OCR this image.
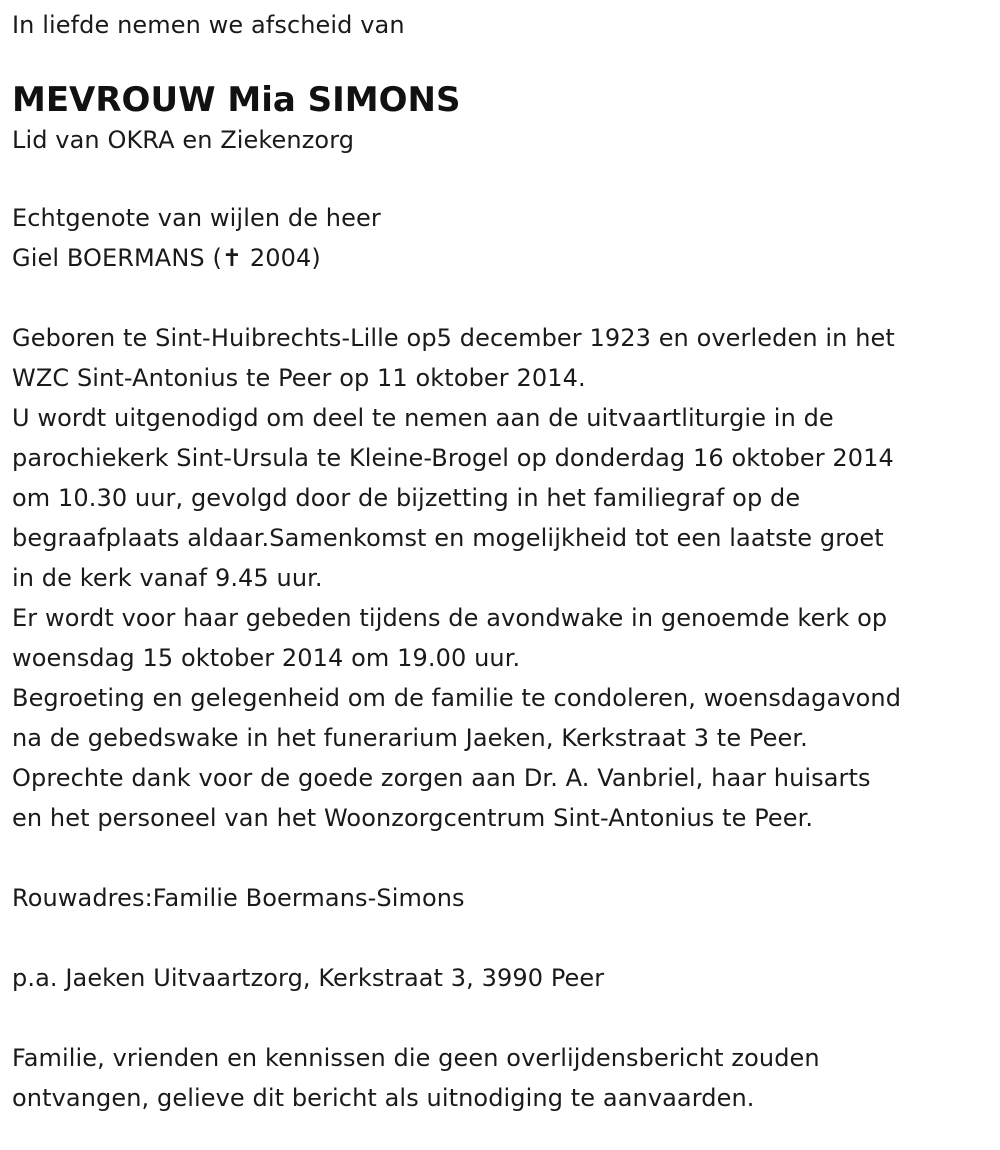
In liefde nemen we afscheid van
MEVROUW Mia SIMONS
Lid van OKRA en Ziekenzorg
Echtgenote van wijlen de heer
Giel BOERMANS (✝ 2004)
Geboren te Sint-Huibrechts-Lille op5 december 1923 en overleden in het
WZC Sint-Antonius te Peer op 11 oktober 2014.
U wordt uitgenodigd om deel te nemen aan de uitvaartliturgie in de
parochiekerk Sint-Ursula te Kleine-Brogel op donderdag 16 oktober 2014
om 10.30 uur, gevolgd door de bijzetting in het familiegraf op de
begraafplaats aldaar.Samenkomst en mogelijkheid tot een laatste groet
in de kerk vanaf 9.45 uur.
Er wordt voor haar gebeden tijdens de avondwake in genoemde kerk op
woensdag 15 oktober 2014 om 19.00 uur.
Begroeting en gelegenheid om de familie te condoleren, woensdagavond
na de gebedswake in het funerarium Jaeken, Kerkstraat 3 te Peer.
Oprechte dank voor de goede zorgen aan Dr. A. Vanbriel, haar huisarts
en het personeel van het Woonzorgcentrum Sint-Antonius te Peer.
Rouwadres:Familie Boermans-Simons
p.a. Jaeken Uitvaartzorg, Kerkstraat 3, 3990 Peer
Familie, vrienden en kennissen die geen overlijdensbericht zouden
ontvangen, gelieve dit bericht als uitnodiging te aanvaarden.
